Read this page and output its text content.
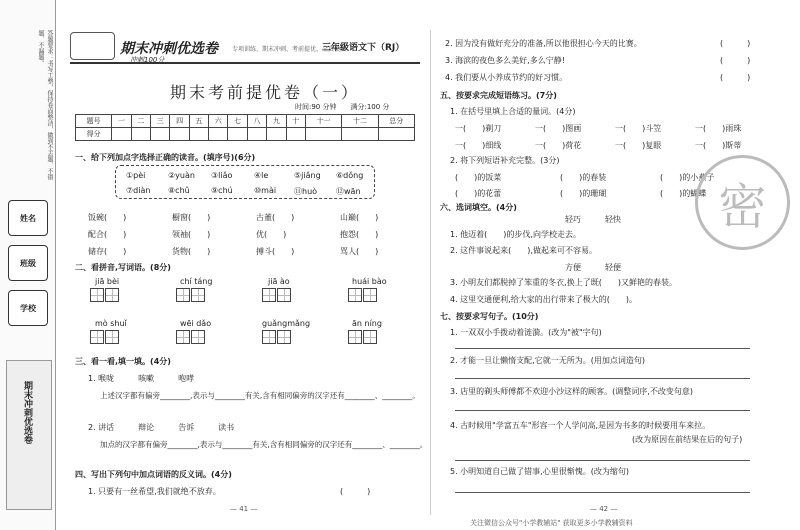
答题要求：书写工整，保持卷面整洁，做到不丢题、不错题、不漏题。
姓名
班级
学校
期末冲刺优选卷
期末冲刺优选卷 专项训练、期末冲刺、考前提优、全真模拟
三年级语文下（RJ）
冲刺100分
期末考前提优卷（一）
时间:90 分钟　　满分:100 分
题号	一	二	三	四	五	六	七	八	九	十	十一	十二	总分
得分													
一、给下列加点字选择正确的读音。(填序号)(6分)
①pèi	②yuàn ③liǎo	④le	⑤jiǎng ⑥dǒng
⑦diàn ⑧chǔ	⑨chú	⑩mài ⑪huò ⑫wān
饭碗(　　)	橱窗(　　)	古董(　　)	山巅(　　)
配合(　　)	领袖(　　)	优(　　)	抱怨(　　)
储存(　　)	货物(　　)	搏斗(　　)	骂人(　　)
二、看拼音,写词语。(8分)
jiā bèi	chí táng	jiā ào	huái bào
mò shuǐ	wēi dǎo	guǎngmǎng	ān níng
三、看一看,填一填。(4分)
1. 喉咙　　　咳嗽　　　咆哮
上述汉字都有偏旁________,表示与________有关,含有相同偏旁的汉字还有________、________。
2. 讲话　　　辩论　　　告诉　　　读书
加点的汉字都有偏旁________,表示与________有关,含有相同偏旁的汉字还有________、________。
四、写出下列句中加点词语的反义词。(4分)
1. 只要有一丝希望,我们就绝不放弃。	(　　　)
— 41 —
2. 因为没有做好充分的准备,所以他很担心今天的比赛。	(　　　)
3. 海滨的夜色多么美好,多么宁静!	(　　　)
4. 我们要从小养成节约的好习惯。	(　　　)
五、按要求完成短语练习。(7分)
1. 在括号里填上合适的量词。(4分)
一(　　)剃刀	一(　　)图画	一(　　)斗笠	一(　　)雨珠
一(　　)细线	一(　　)荷花	一(　　)复眼	一(　　)斯蒂
2. 将下列短语补充完整。(3分)
(　　)的饭菜	(　　)的春装	(　　)的小燕子
(　　)的花蕾	(　　)的珊瑚	(　　)的蝴蝶
六、选词填空。(4分)
轻巧　　　轻快
1. 他迈着(　　)的步伐,向学校走去。
2. 这件事说起来(　　),做起来可不容易。
方便　　　轻便
3. 小明友们都脱掉了笨重的冬衣,换上了既(　　)又鲜艳的春装。
4. 这里交通便利,给大家的出行带来了极大的(　　)。
七、按要求写句子。(10分)
1. 一双双小手拨动着涟漪。(改为"被"字句)
2. 才能一旦让懒惰支配,它就一无所为。(用加点词造句)
3. 店里的剃头师傅都不欢迎小沙这样的顾客。(调整词序,不改变句意)
4. 古时候用"学富五车"形容一个人学问高,是因为书多的时候要用车来拉。
(改为原因在前结果在后的句子)
5. 小明知道自己做了错事,心里很惭愧。(改为缩句)
— 42 —
密
关注微信公众号"小学教辅站" 获取更多小学教辅资料
